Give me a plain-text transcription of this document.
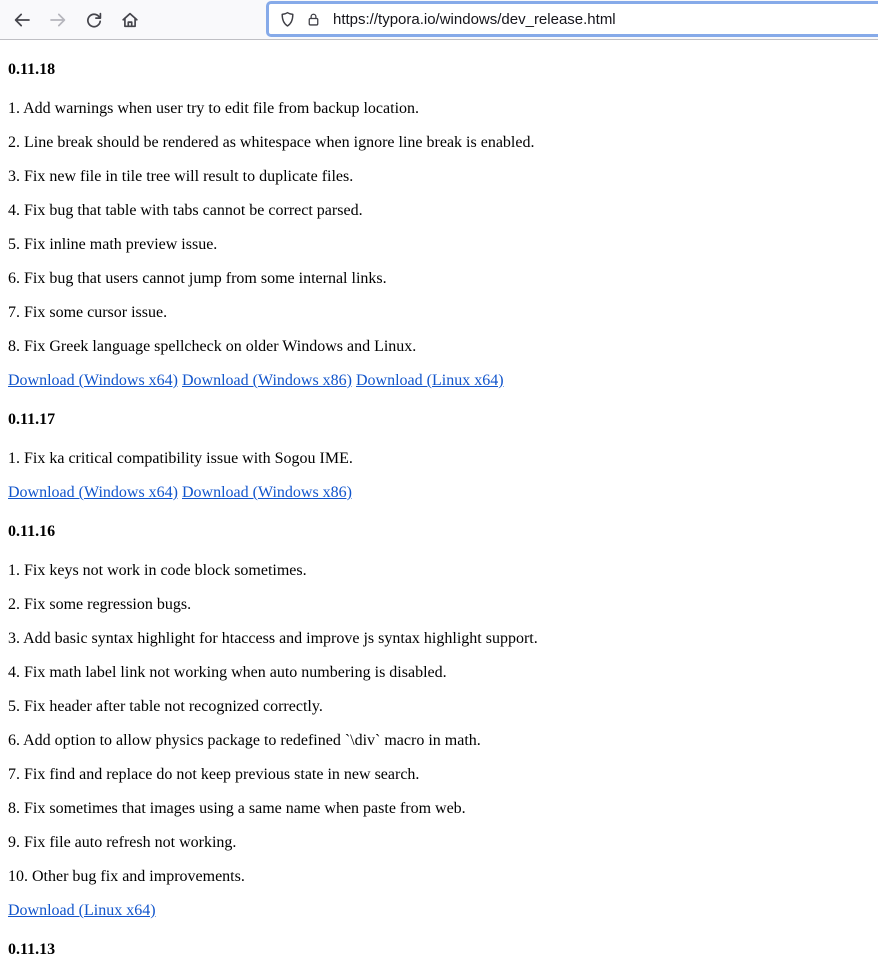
https://typora.io/windows/dev_release.html
0.11.18

1. Add warnings when user try to edit file from backup location.

2. Line break should be rendered as whitespace when ignore line break is enabled.

3. Fix new file in tile tree will result to duplicate files.

4. Fix bug that table with tabs cannot be correct parsed.

5. Fix inline math preview issue.

6. Fix bug that users cannot jump from some internal links.

7. Fix some cursor issue.

8. Fix Greek language spellcheck on older Windows and Linux.

Download (Windows x64) Download (Windows x86) Download (Linux x64)

0.11.17

1. Fix ka critical compatibility issue with Sogou IME.

Download (Windows x64) Download (Windows x86)

0.11.16

1. Fix keys not work in code block sometimes.

2. Fix some regression bugs.

3. Add basic syntax highlight for htaccess and improve js syntax highlight support.

4. Fix math label link not working when auto numbering is disabled.

5. Fix header after table not recognized correctly.

6. Add option to allow physics package to redefined `\div` macro in math.

7. Fix find and replace do not keep previous state in new search.

8. Fix sometimes that images using a same name when paste from web.

9. Fix file auto refresh not working.

10. Other bug fix and improvements.

Download (Linux x64)

0.11.13
